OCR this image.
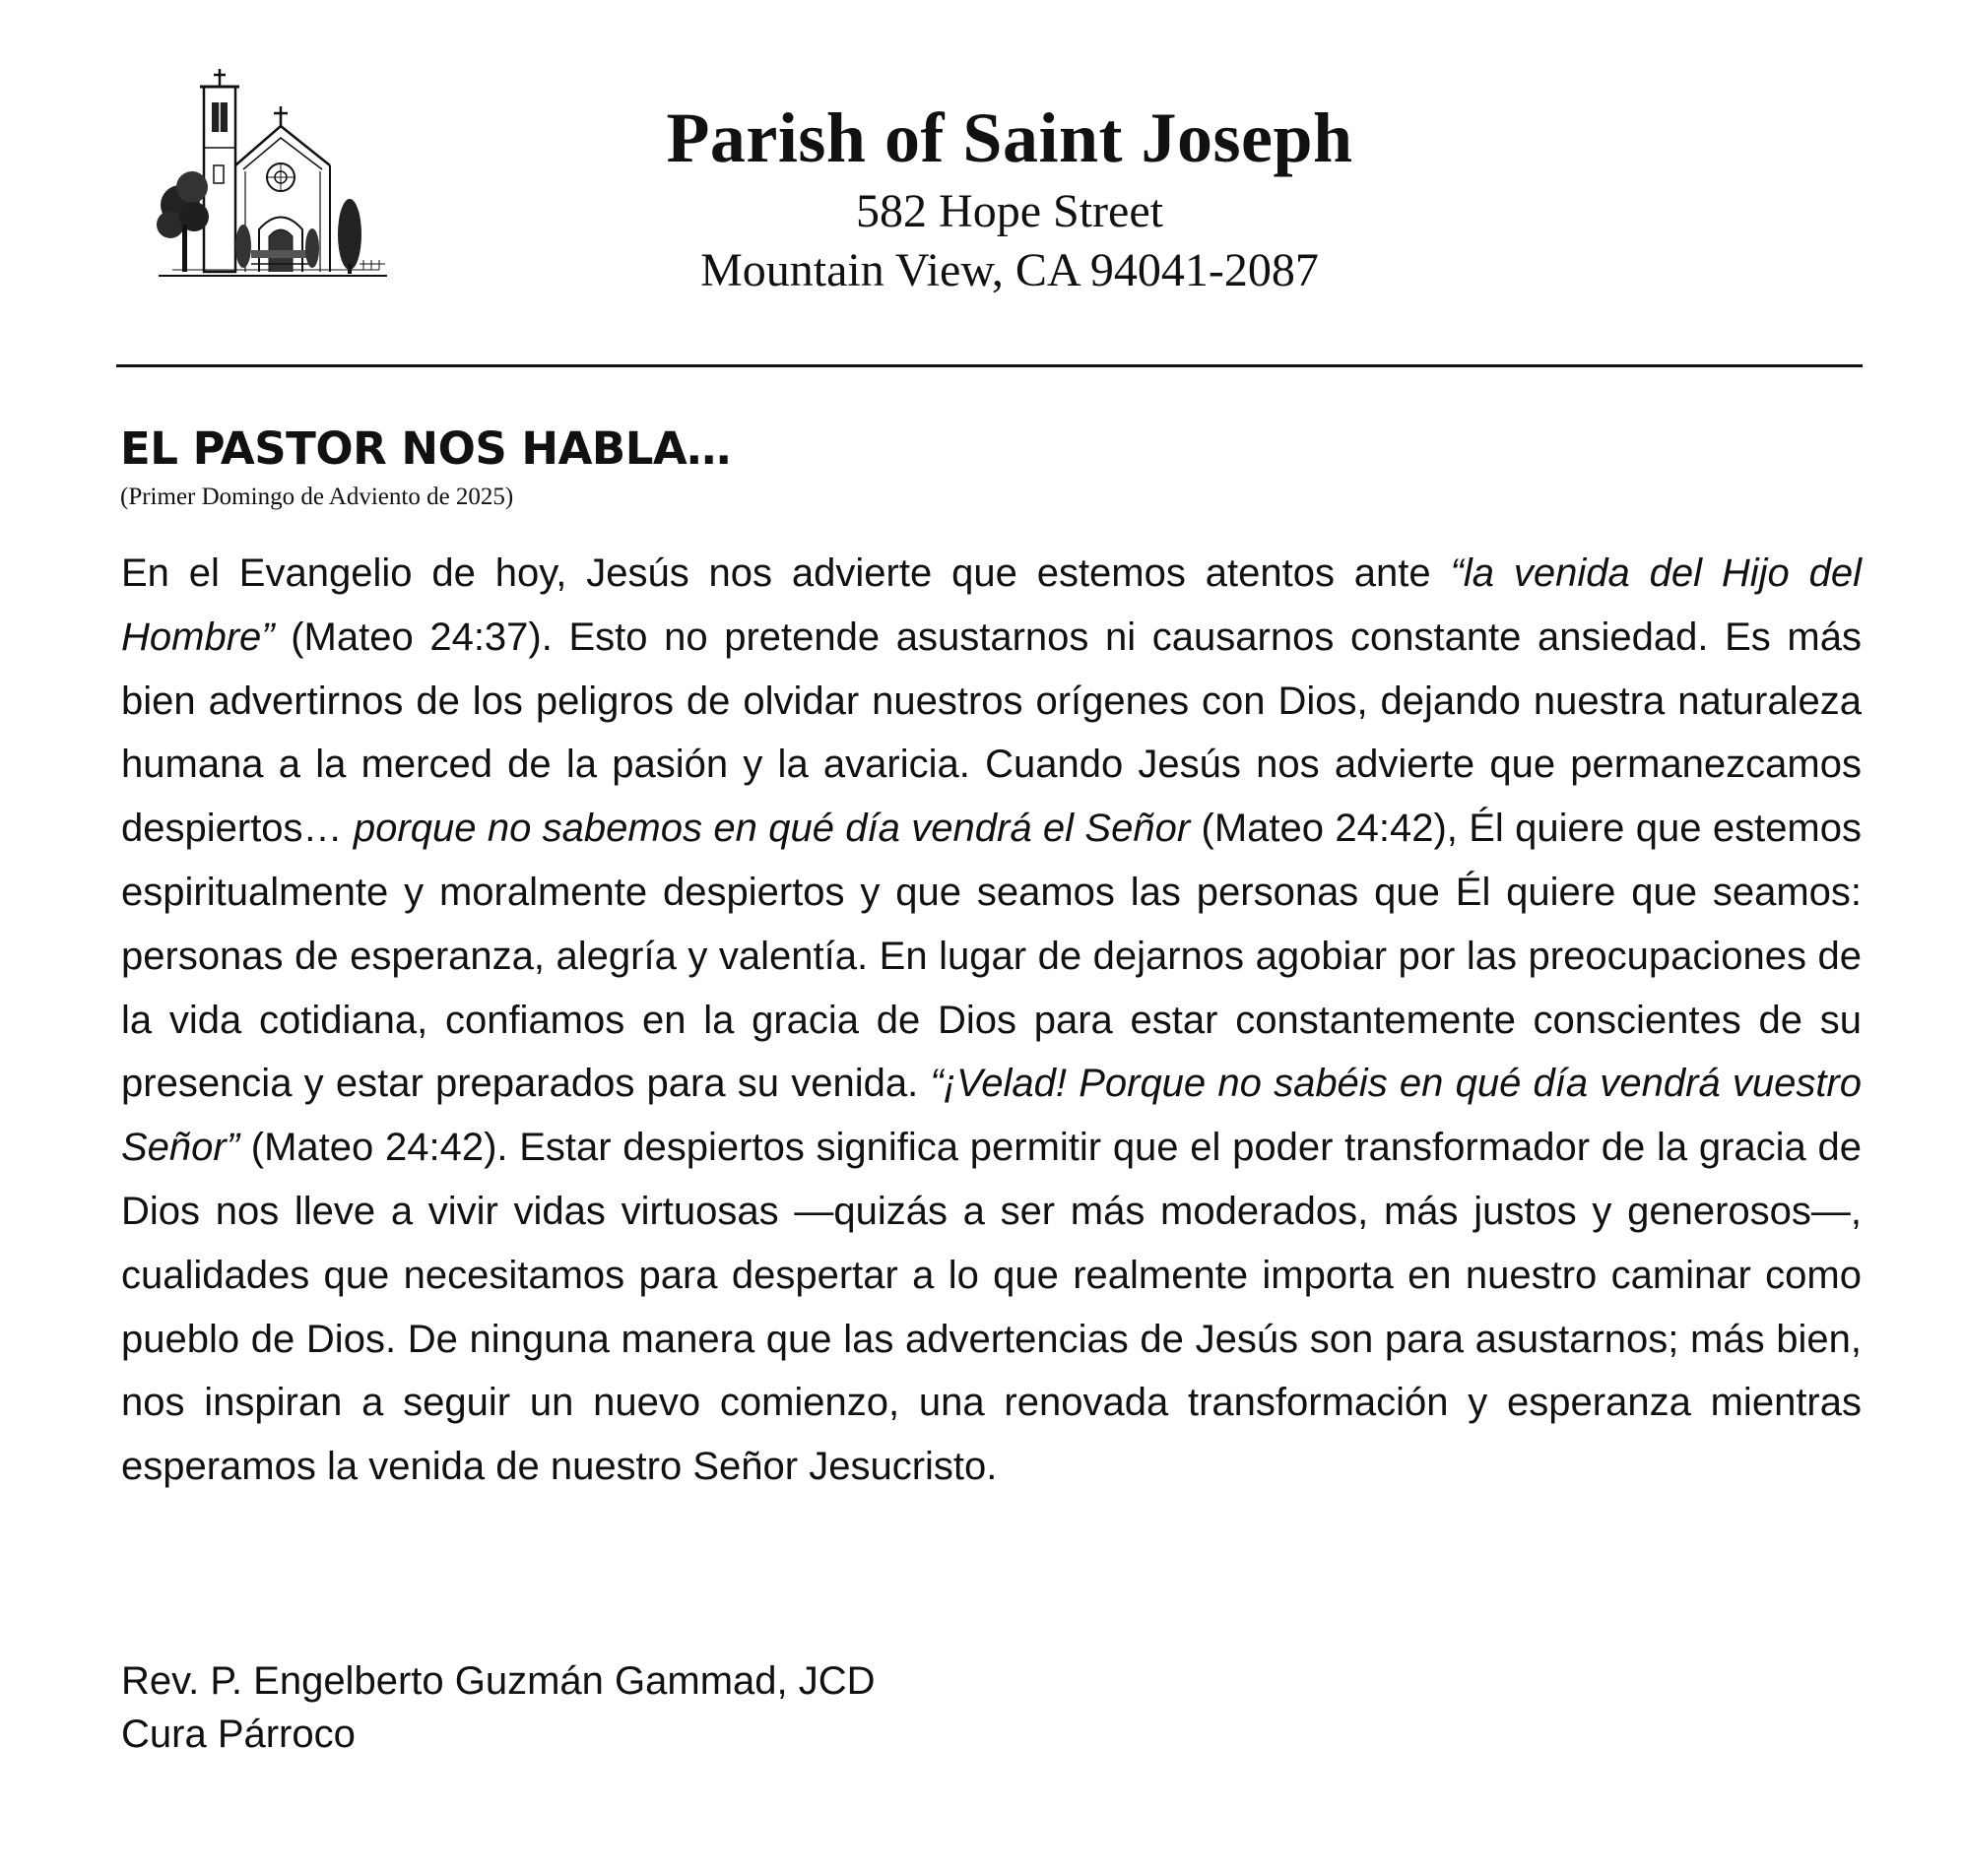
Parish of Saint Joseph

582 Hope Street

Mountain View, CA 94041-2087

EL PASTOR NOS HABLA…

(Primer Domingo de Adviento de 2025)

En el Evangelio de hoy, Jesús nos advierte que estemos atentos ante “la venida del Hijo del Hombre” (Mateo 24:37). Esto no pretende asustarnos ni causarnos constante ansiedad. Es más bien advertirnos de los peligros de olvidar nuestros orígenes con Dios, dejando nuestra naturaleza humana a la merced de la pasión y la avaricia. Cuando Jesús nos advierte que permanezcamos despiertos… porque no sabemos en qué día vendrá el Señor (Mateo 24:42), Él quiere que estemos espiritualmente y moralmente despiertos y que seamos las personas que Él quiere que seamos: personas de esperanza, alegría y valentía. En lugar de dejarnos agobiar por las preocupaciones de la vida cotidiana, confiamos en la gracia de Dios para estar constantemente conscientes de su presencia y estar preparados para su venida. “¡Velad! Porque no sabéis en qué día vendrá vuestro Señor” (Mateo 24:42). Estar despiertos significa permitir que el poder transformador de la gracia de Dios nos lleve a vivir vidas virtuosas —quizás a ser más moderados, más justos y generosos—, cualidades que necesitamos para despertar a lo que realmente importa en nuestro caminar como pueblo de Dios. De ninguna manera que las advertencias de Jesús son para asustarnos; más bien, nos inspiran a seguir un nuevo comienzo, una renovada transformación y esperanza mientras esperamos la venida de nuestro Señor Jesucristo.

Rev. P. Engelberto Guzmán Gammad, JCD
Cura Párroco
